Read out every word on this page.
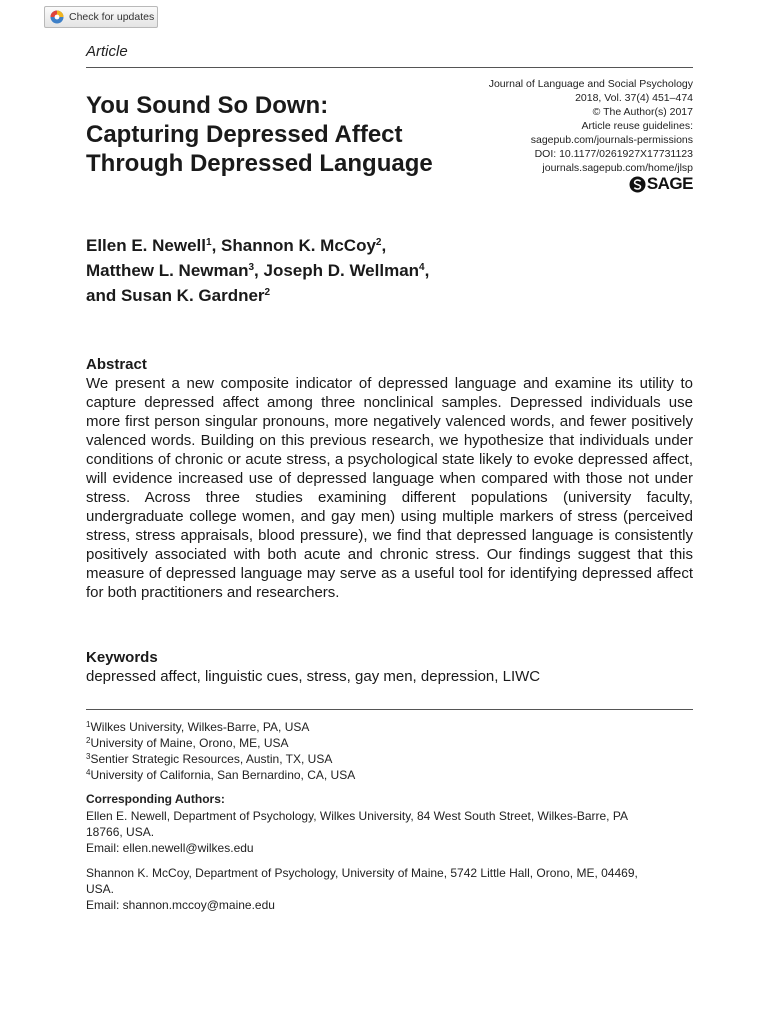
Check for updates
Article
Journal of Language and Social Psychology
2018, Vol. 37(4) 451–474
© The Author(s) 2017
Article reuse guidelines:
sagepub.com/journals-permissions
DOI: 10.1177/0261927X17731123
journals.sagepub.com/home/jlsp
SAGE
You Sound So Down:
Capturing Depressed Affect
Through Depressed Language
Ellen E. Newell$^1$, Shannon K. McCoy$^2$,
Matthew L. Newman$^3$, Joseph D. Wellman$^4$,
and Susan K. Gardner$^2$
Abstract

We present a new composite indicator of depressed language and examine its utility to capture depressed affect among three nonclinical samples. Depressed individuals use more first person singular pronouns, more negatively valenced words, and fewer positively valenced words. Building on this previous research, we hypothesize that individuals under conditions of chronic or acute stress, a psychological state likely to evoke depressed affect, will evidence increased use of depressed language when compared with those not under stress. Across three studies examining different populations (university faculty, undergraduate college women, and gay men) using multiple markers of stress (perceived stress, stress appraisals, blood pressure), we find that depressed language is consistently positively associated with both acute and chronic stress. Our findings suggest that this measure of depressed language may serve as a useful tool for identifying depressed affect for both practitioners and researchers.

Keywords
depressed affect, linguistic cues, stress, gay men, depression, LIWC
$^1$Wilkes University, Wilkes-Barre, PA, USA
$^2$University of Maine, Orono, ME, USA
$^3$Sentier Strategic Resources, Austin, TX, USA
$^4$University of California, San Bernardino, CA, USA
Corresponding Authors:
Ellen E. Newell, Department of Psychology, Wilkes University, 84 West South Street, Wilkes-Barre, PA
18766, USA.
Email: ellen.newell@wilkes.edu
Shannon K. McCoy, Department of Psychology, University of Maine, 5742 Little Hall, Orono, ME, 04469,
USA.
Email: shannon.mccoy@maine.edu
